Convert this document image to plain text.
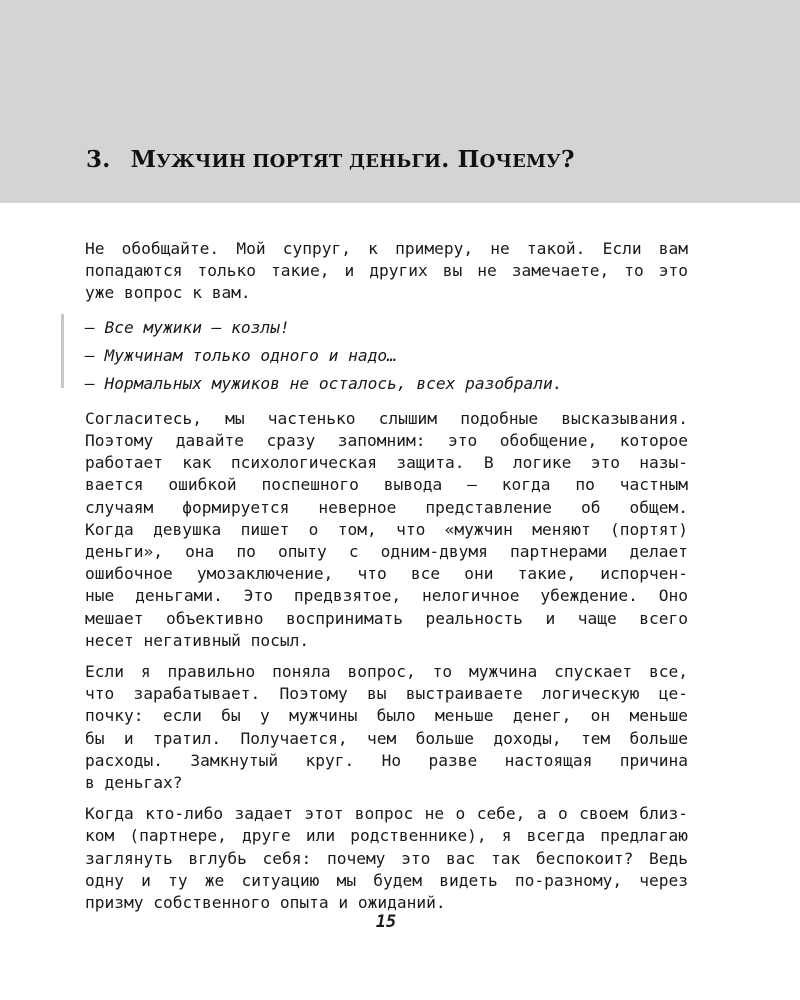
3. МУЖЧИН ПОРТЯТ ДЕНЬГИ. ПОЧЕМУ?

Не обобщайте. Мой супруг, к примеру, не такой. Если вам
попадаются только такие, и других вы не замечаете, то это
уже вопрос к вам.

— Все мужики — козлы!

— Мужчинам только одного и надо…

— Нормальных мужиков не осталось, всех разобрали.

Согласитесь, мы частенько слышим подобные высказывания.
Поэтому давайте сразу запомним: это обобщение, которое
работает как психологическая защита. В логике это назы-
вается ошибкой поспешного вывода — когда по частным
случаям формируется неверное представление об общем.
Когда девушка пишет о том, что «мужчин меняют (портят)
деньги», она по опыту с одним-двумя партнерами делает
ошибочное умозаключение, что все они такие, испорчен-
ные деньгами. Это предвзятое, нелогичное убеждение. Оно
мешает объективно воспринимать реальность и чаще всего
несет негативный посыл.

Если я правильно поняла вопрос, то мужчина спускает все,
что зарабатывает. Поэтому вы выстраиваете логическую це-
почку: если бы у мужчины было меньше денег, он меньше
бы и тратил. Получается, чем больше доходы, тем больше
расходы. Замкнутый круг. Но разве настоящая причина
в деньгах?

Когда кто-либо задает этот вопрос не о себе, а о своем близ-
ком (партнере, друге или родственнике), я всегда предлагаю
заглянуть вглубь себя: почему это вас так беспокоит? Ведь
одну и ту же ситуацию мы будем видеть по-разному, через
призму собственного опыта и ожиданий.

15
